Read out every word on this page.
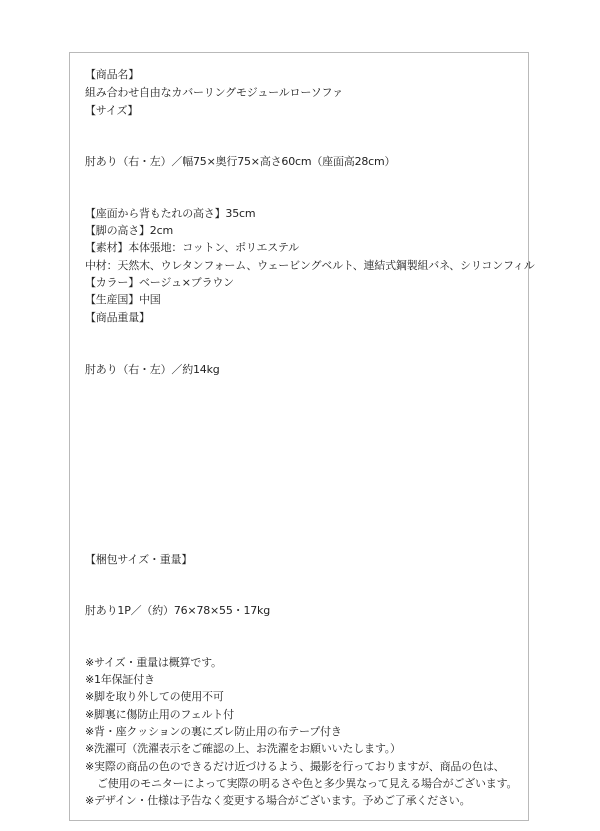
【商品名】
組み合わせ自由なカバーリングモジュールローソファ
【サイズ】
肘あり（右・左）／幅75×奥行75×高さ60cm（座面高28cm）
【座面から背もたれの高さ】35cm
【脚の高さ】2cm
【素材】本体張地：コットン、ポリエステル
中材：天然木、ウレタンフォーム、ウェービングベルト、連結式鋼製組バネ、シリコンフィル
【カラー】ベージュ×ブラウン
【生産国】中国
【商品重量】
肘あり（右・左）／約14kg
【梱包サイズ・重量】
肘あり1P／（約）76×78×55・17kg
※サイズ・重量は概算です。
※1年保証付き
※脚を取り外しての使用不可
※脚裏に傷防止用のフェルト付
※背・座クッションの裏にズレ防止用の布テープ付き
※洗濯可（洗濯表示をご確認の上、お洗濯をお願いいたします。）
※実際の商品の色のできるだけ近づけるよう、撮影を行っておりますが、商品の色は、
ご使用のモニターによって実際の明るさや色と多少異なって見える場合がございます。
※デザイン・仕様は予告なく変更する場合がございます。予めご了承ください。
